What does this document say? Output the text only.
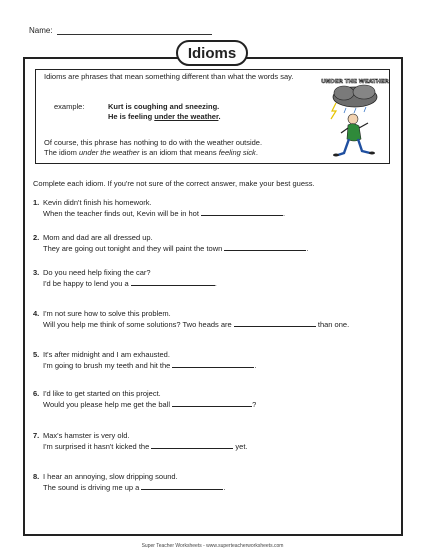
Name:
Idioms
Idioms are phrases that mean something different than what the words say.
example:	Kurt is coughing and sneezing.
He is feeling under the weather.
Of course, this phrase has nothing to do with the weather outside.
The idiom under the weather is an idiom that means feeling sick.
UNDER THE WEATHER
Complete each idiom. If you're not sure of the correct answer, make your best guess.
1. Kevin didn't finish his homework.
When the teacher finds out, Kevin will be in hot	.
2. Mom and dad are all dressed up.
They are going out tonight and they will paint the town	.
3. Do you need help fixing the car?
I'd be happy to lend you a	.
4. I'm not sure how to solve this problem.
Will you help me think of some solutions? Two heads are	than one.
5. It's after midnight and I am exhausted.
I'm going to brush my teeth and hit the	.
6. I'd like to get started on this project.
Would you please help me get the ball	?
7. Max's hamster is very old.
I'm surprised it hasn't kicked the	yet.
8. I hear an annoying, slow dripping sound.
The sound is driving me up a	.
Super Teacher Worksheets - www.superteacherworksheets.com
